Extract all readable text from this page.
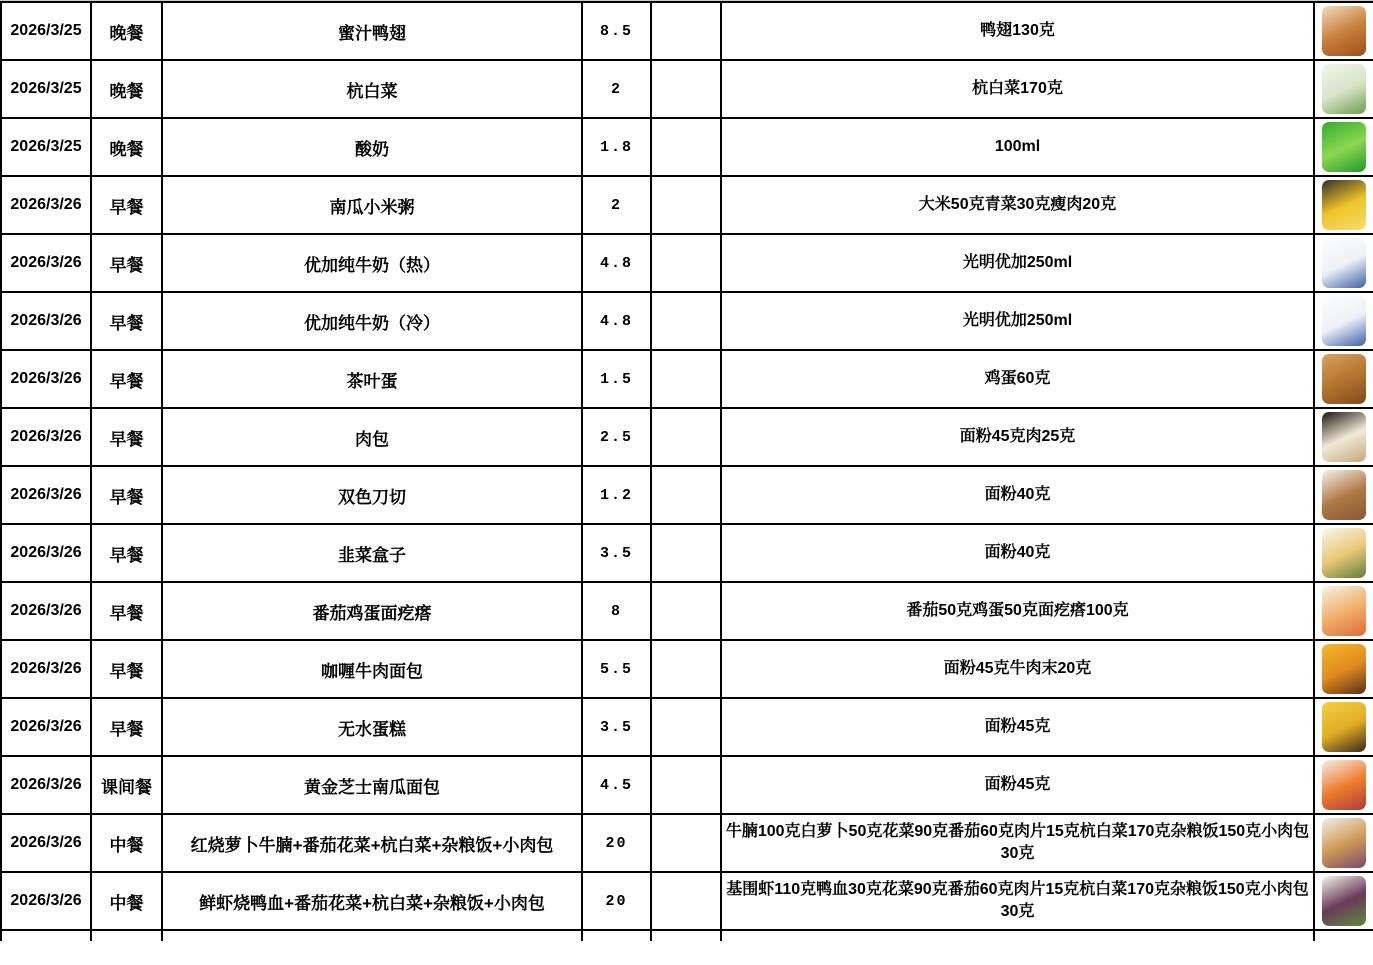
2026/3/25	晚餐	蜜汁鸭翅	8.5		鸭翅130克	

2026/3/25	晚餐	杭白菜	2		杭白菜170克	

2026/3/25	晚餐	酸奶	1.8		100ml	

2026/3/26	早餐	南瓜小米粥	2		大米50克青菜30克瘦肉20克	

2026/3/26	早餐	优加纯牛奶（热）	4.8		光明优加250ml	

2026/3/26	早餐	优加纯牛奶（冷）	4.8		光明优加250ml	

2026/3/26	早餐	茶叶蛋	1.5		鸡蛋60克	

2026/3/26	早餐	肉包	2.5		面粉45克肉25克	

2026/3/26	早餐	双色刀切	1.2		面粉40克	

2026/3/26	早餐	韭菜盒子	3.5		面粉40克	

2026/3/26	早餐	番茄鸡蛋面疙瘩	8		番茄50克鸡蛋50克面疙瘩100克	

2026/3/26	早餐	咖喱牛肉面包	5.5		面粉45克牛肉末20克	

2026/3/26	早餐	无水蛋糕	3.5		面粉45克	

2026/3/26	课间餐	黄金芝士南瓜面包	4.5		面粉45克	

2026/3/26	中餐	红烧萝卜牛腩+番茄花菜+杭白菜+杂粮饭+小肉包	20		牛腩100克白萝卜50克花菜90克番茄60克肉片15克杭白菜170克杂粮饭150克小肉包30克	

2026/3/26	中餐	鲜虾烧鸭血+番茄花菜+杭白菜+杂粮饭+小肉包	20		基围虾110克鸭血30克花菜90克番茄60克肉片15克杭白菜170克杂粮饭150克小肉包30克	
